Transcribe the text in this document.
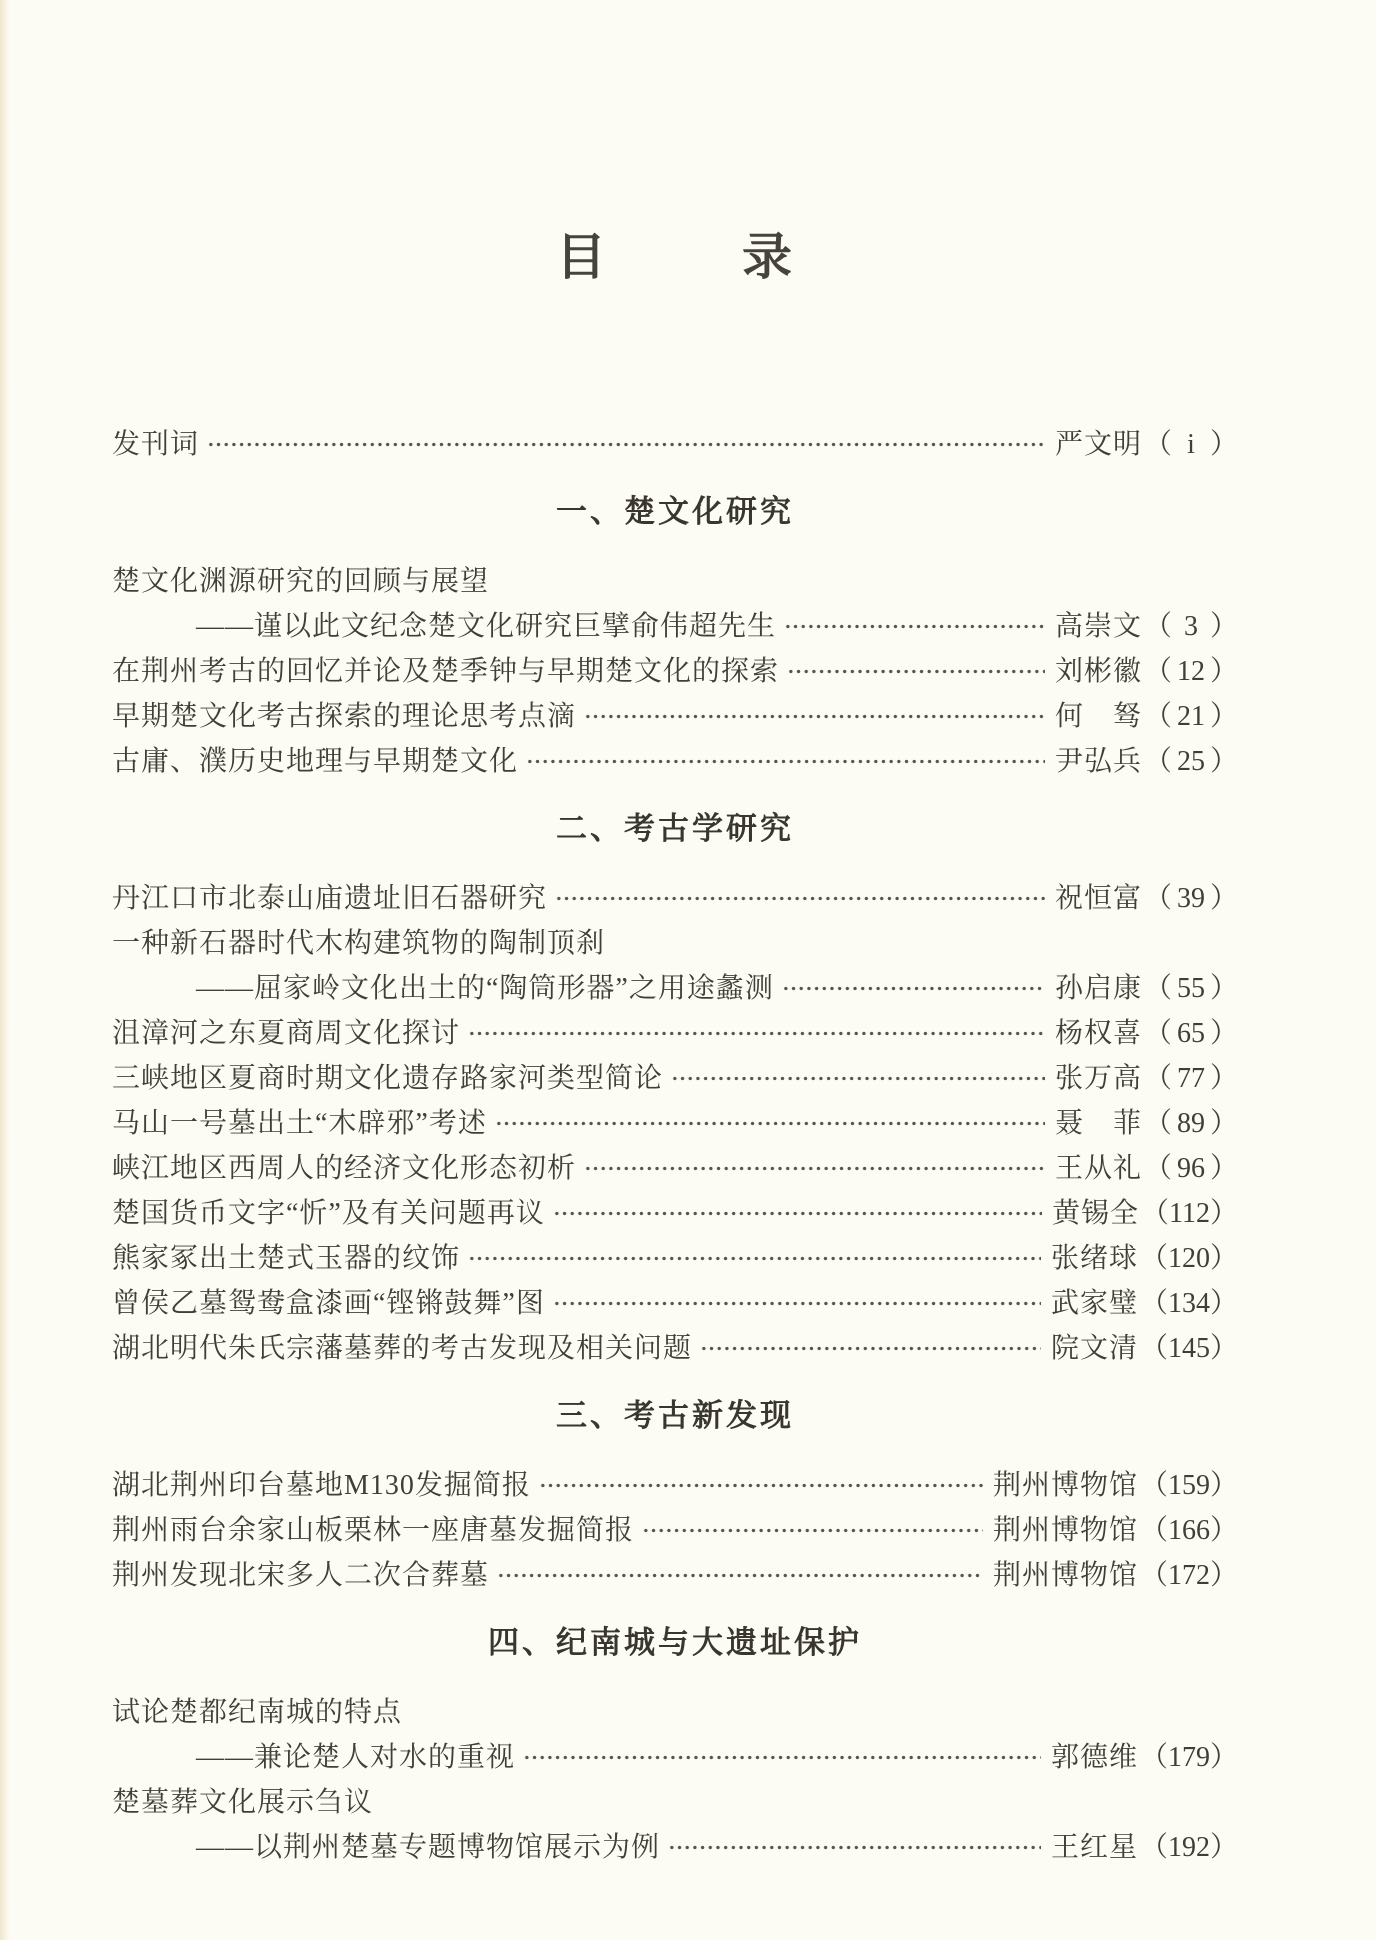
目	录
发刊词	严文明 （ i ）
一、楚文化研究
楚文化渊源研究的回顾与展望
——谨以此文纪念楚文化研究巨擘俞伟超先生	高崇文 （ 3 ）
在荆州考古的回忆并论及楚季钟与早期楚文化的探索	刘彬徽 （ 12 ）
早期楚文化考古探索的理论思考点滴	何　驽 （ 21 ）
古庸、濮历史地理与早期楚文化	尹弘兵 （ 25 ）
二、考古学研究
丹江口市北泰山庙遗址旧石器研究	祝恒富 （ 39 ）
一种新石器时代木构建筑物的陶制顶刹
——屈家岭文化出土的“陶筒形器”之用途蠡测	孙启康 （ 55 ）
沮漳河之东夏商周文化探讨	杨权喜 （ 65 ）
三峡地区夏商时期文化遗存路家河类型简论	张万高 （ 77 ）
马山一号墓出土“木辟邪”考述	聂　菲 （ 89 ）
峡江地区西周人的经济文化形态初析	王从礼 （ 96 ）
楚国货币文字“忻”及有关问题再议	黄锡全 （ 112 ）
熊家冢出土楚式玉器的纹饰	张绪球 （ 120 ）
曾侯乙墓鸳鸯盒漆画“铿锵鼓舞”图	武家璧 （ 134 ）
湖北明代朱氏宗藩墓葬的考古发现及相关问题	院文清 （ 145 ）
三、考古新发现
湖北荆州印台墓地M130发掘简报	荆州博物馆 （ 159 ）
荆州雨台余家山板栗林一座唐墓发掘简报	荆州博物馆 （ 166 ）
荆州发现北宋多人二次合葬墓	荆州博物馆 （ 172 ）
四、纪南城与大遗址保护
试论楚都纪南城的特点
——兼论楚人对水的重视	郭德维 （ 179 ）
楚墓葬文化展示刍议
——以荆州楚墓专题博物馆展示为例	王红星 （ 192 ）
